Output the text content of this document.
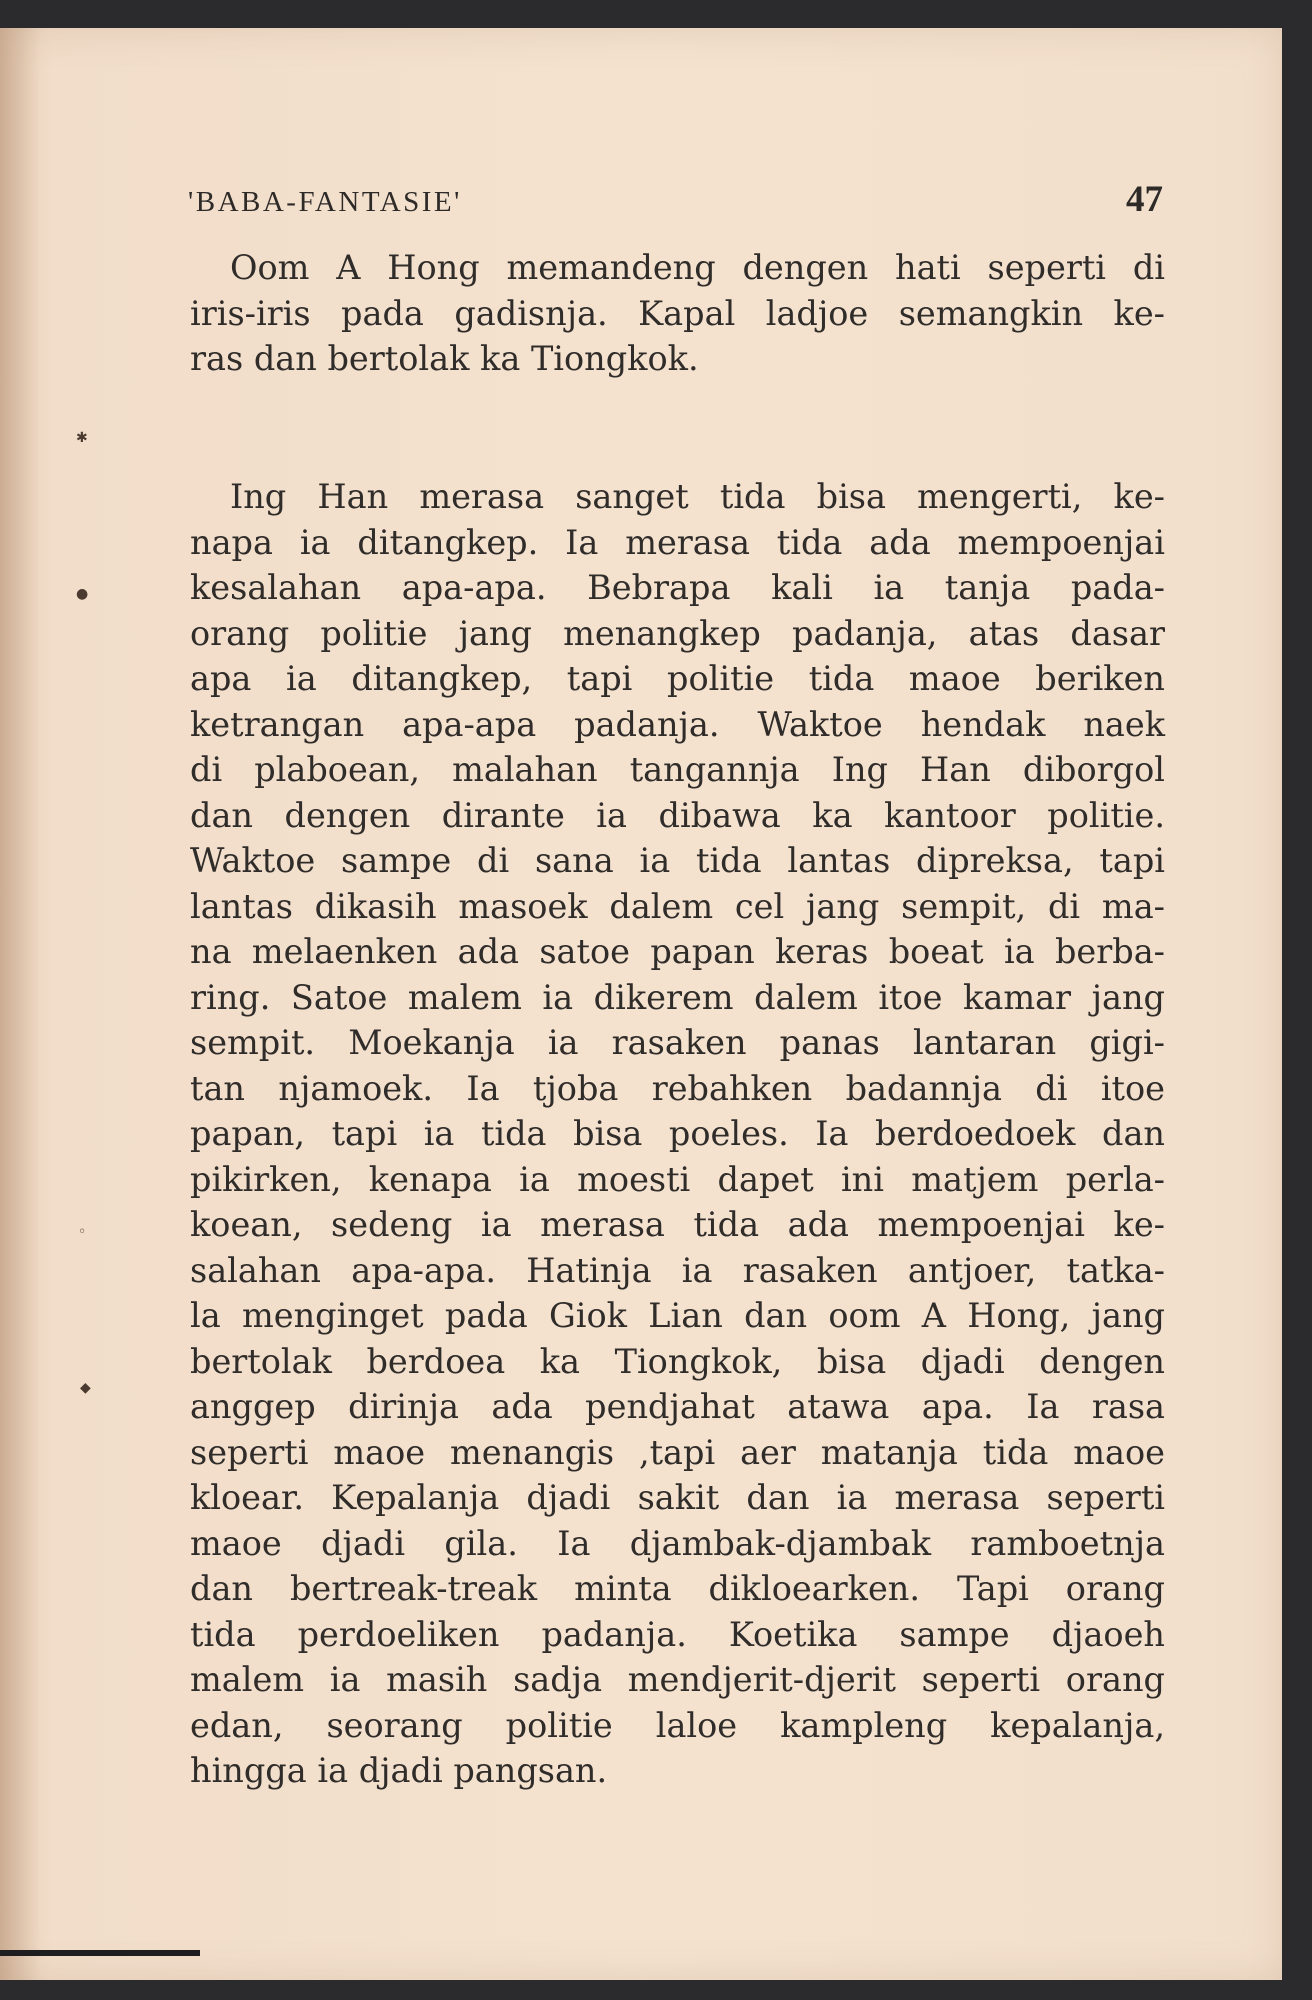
✱
●
◦
◆
'BABA-FANTASIE'	47
Oom A Hong memandeng dengen hati seperti di
iris-iris pada gadisnja. Kapal ladjoe semangkin ke-
ras dan bertolak ka Tiongkok.
Ing Han merasa sanget tida bisa mengerti, ke-
napa ia ditangkep. Ia merasa tida ada mempoenjai
kesalahan apa-apa. Bebrapa kali ia tanja pada-
orang politie jang menangkep padanja, atas dasar
apa ia ditangkep, tapi politie tida maoe beriken
ketrangan apa-apa padanja. Waktoe hendak naek
di plaboean, malahan tangannja Ing Han diborgol
dan dengen dirante ia dibawa ka kantoor politie.
Waktoe sampe di sana ia tida lantas dipreksa, tapi
lantas dikasih masoek dalem cel jang sempit, di ma-
na melaenken ada satoe papan keras boeat ia berba-
ring. Satoe malem ia dikerem dalem itoe kamar jang
sempit. Moekanja ia rasaken panas lantaran gigi-
tan njamoek. Ia tjoba rebahken badannja di itoe
papan, tapi ia tida bisa poeles. Ia berdoedoek dan
pikirken, kenapa ia moesti dapet ini matjem perla-
koean, sedeng ia merasa tida ada mempoenjai ke-
salahan apa-apa. Hatinja ia rasaken antjoer, tatka-
la menginget pada Giok Lian dan oom A Hong, jang
bertolak berdoea ka Tiongkok, bisa djadi dengen
anggep dirinja ada pendjahat atawa apa. Ia rasa
seperti maoe menangis ,tapi aer matanja tida maoe
kloear. Kepalanja djadi sakit dan ia merasa seperti
maoe djadi gila. Ia djambak-djambak ramboetnja
dan bertreak-treak minta dikloearken. Tapi orang
tida perdoeliken padanja. Koetika sampe djaoeh
malem ia masih sadja mendjerit-djerit seperti orang
edan, seorang politie laloe kampleng kepalanja,
hingga ia djadi pangsan.
